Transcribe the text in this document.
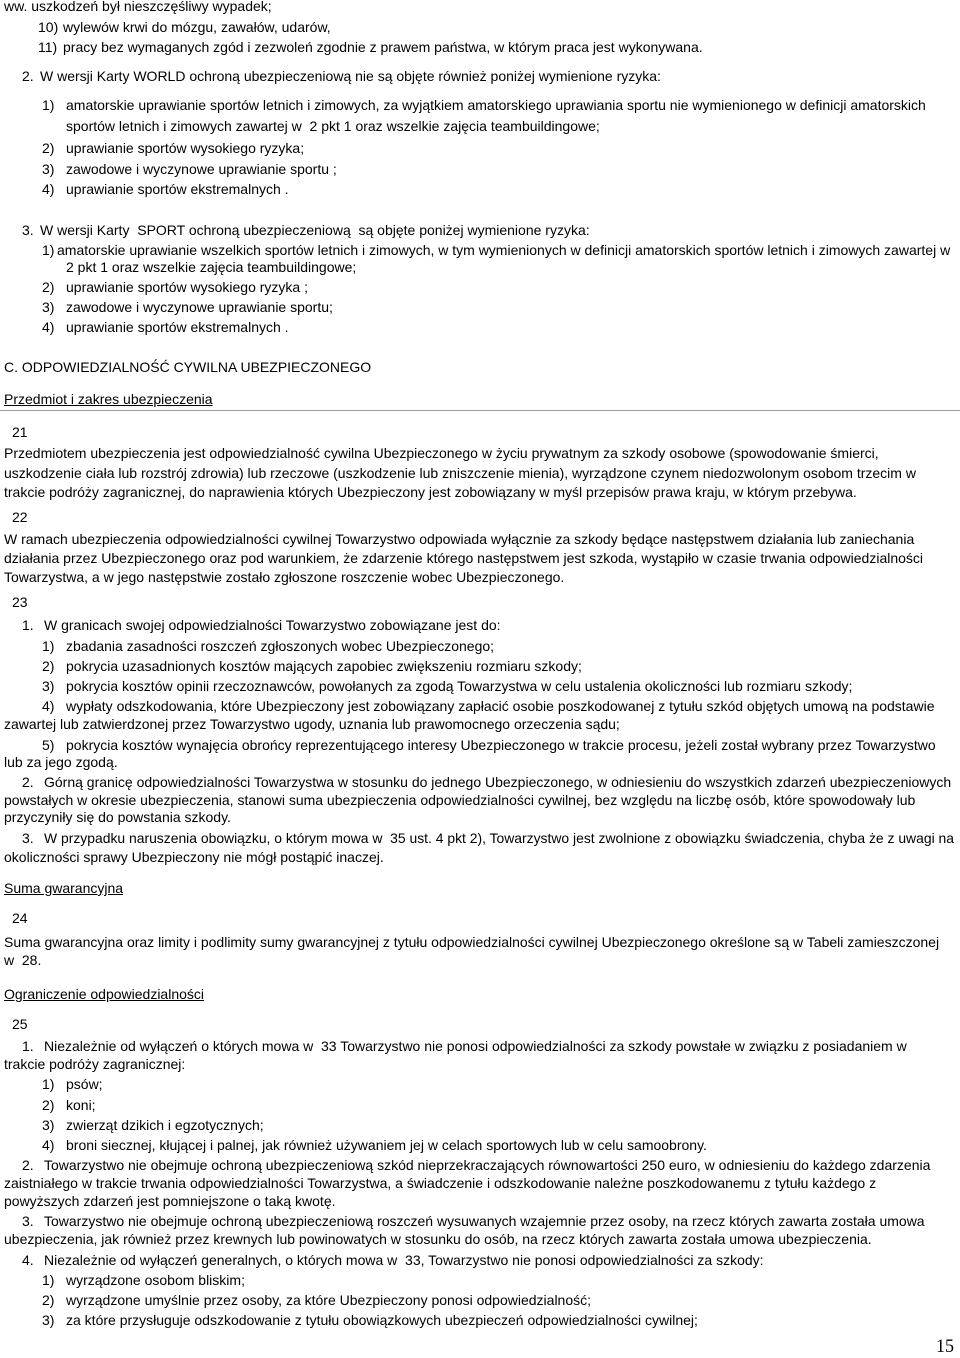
ww. uszkodzeń był nieszczęśliwy wypadek;
10) wylewów krwi do mózgu, zawałów, udarów,
11) pracy bez wymaganych zgód i zezwoleń zgodnie z prawem państwa, w którym praca jest wykonywana.
2. W wersji Karty WORLD ochroną ubezpieczeniową nie są objęte również poniżej wymienione ryzyka:
1) amatorskie uprawianie sportów letnich i zimowych, za wyjątkiem amatorskiego uprawiania sportu nie wymienionego w definicji amatorskich
sportów letnich i zimowych zawartej w  2 pkt 1 oraz wszelkie zajęcia teambuildingowe;
2) uprawianie sportów wysokiego ryzyka;
3) zawodowe i wyczynowe uprawianie sportu ;
4) uprawianie sportów ekstremalnych .
3. W wersji Karty  SPORT ochroną ubezpieczeniową  są objęte poniżej wymienione ryzyka:
1) amatorskie uprawianie wszelkich sportów letnich i zimowych, w tym wymienionych w definicji amatorskich sportów letnich i zimowych zawartej w
2 pkt 1 oraz wszelkie zajęcia teambuildingowe;
2) uprawianie sportów wysokiego ryzyka ;
3) zawodowe i wyczynowe uprawianie sportu;
4) uprawianie sportów ekstremalnych .
C. ODPOWIEDZIALNOŚĆ CYWILNA UBEZPIECZONEGO
Przedmiot i zakres ubezpieczenia
21
Przedmiotem ubezpieczenia jest odpowiedzialność cywilna Ubezpieczonego w życiu prywatnym za szkody osobowe (spowodowanie śmierci,
uszkodzenie ciała lub rozstrój zdrowia) lub rzeczowe (uszkodzenie lub zniszczenie mienia), wyrządzone czynem niedozwolonym osobom trzecim w
trakcie podróży zagranicznej, do naprawienia których Ubezpieczony jest zobowiązany w myśl przepisów prawa kraju, w którym przebywa.
22
W ramach ubezpieczenia odpowiedzialności cywilnej Towarzystwo odpowiada wyłącznie za szkody będące następstwem działania lub zaniechania
działania przez Ubezpieczonego oraz pod warunkiem, że zdarzenie którego następstwem jest szkoda, wystąpiło w czasie trwania odpowiedzialności
Towarzystwa, a w jego następstwie zostało zgłoszone roszczenie wobec Ubezpieczonego.
23
1. W granicach swojej odpowiedzialności Towarzystwo zobowiązane jest do:
1) zbadania zasadności roszczeń zgłoszonych wobec Ubezpieczonego;
2) pokrycia uzasadnionych kosztów mających zapobiec zwiększeniu rozmiaru szkody;
3) pokrycia kosztów opinii rzeczoznawców, powołanych za zgodą Towarzystwa w celu ustalenia okoliczności lub rozmiaru szkody;
4) wypłaty odszkodowania, które Ubezpieczony jest zobowiązany zapłacić osobie poszkodowanej z tytułu szkód objętych umową na podstawie
zawartej lub zatwierdzonej przez Towarzystwo ugody, uznania lub prawomocnego orzeczenia sądu;
5) pokrycia kosztów wynajęcia obrońcy reprezentującego interesy Ubezpieczonego w trakcie procesu, jeżeli został wybrany przez Towarzystwo
lub za jego zgodą.
2. Górną granicę odpowiedzialności Towarzystwa w stosunku do jednego Ubezpieczonego, w odniesieniu do wszystkich zdarzeń ubezpieczeniowych
powstałych w okresie ubezpieczenia, stanowi suma ubezpieczenia odpowiedzialności cywilnej, bez względu na liczbę osób, które spowodowały lub
przyczyniły się do powstania szkody.
3. W przypadku naruszenia obowiązku, o którym mowa w  35 ust. 4 pkt 2), Towarzystwo jest zwolnione z obowiązku świadczenia, chyba że z uwagi na
okoliczności sprawy Ubezpieczony nie mógł postąpić inaczej.
Suma gwarancyjna
24
Suma gwarancyjna oraz limity i podlimity sumy gwarancyjnej z tytułu odpowiedzialności cywilnej Ubezpieczonego określone są w Tabeli zamieszczonej
w  28.
Ograniczenie odpowiedzialności
25
1. Niezależnie od wyłączeń o których mowa w  33 Towarzystwo nie ponosi odpowiedzialności za szkody powstałe w związku z posiadaniem w
trakcie podróży zagranicznej:
1) psów;
2) koni;
3) zwierząt dzikich i egzotycznych;
4) broni siecznej, kłującej i palnej, jak również używaniem jej w celach sportowych lub w celu samoobrony.
2. Towarzystwo nie obejmuje ochroną ubezpieczeniową szkód nieprzekraczających równowartości 250 euro, w odniesieniu do każdego zdarzenia
zaistniałego w trakcie trwania odpowiedzialności Towarzystwa, a świadczenie i odszkodowanie należne poszkodowanemu z tytułu każdego z
powyższych zdarzeń jest pomniejszone o taką kwotę.
3. Towarzystwo nie obejmuje ochroną ubezpieczeniową roszczeń wysuwanych wzajemnie przez osoby, na rzecz których zawarta została umowa
ubezpieczenia, jak również przez krewnych lub powinowatych w stosunku do osób, na rzecz których zawarta została umowa ubezpieczenia.
4. Niezależnie od wyłączeń generalnych, o których mowa w  33, Towarzystwo nie ponosi odpowiedzialności za szkody:
1) wyrządzone osobom bliskim;
2) wyrządzone umyślnie przez osoby, za które Ubezpieczony ponosi odpowiedzialność;
3) za które przysługuje odszkodowanie z tytułu obowiązkowych ubezpieczeń odpowiedzialności cywilnej;
15
